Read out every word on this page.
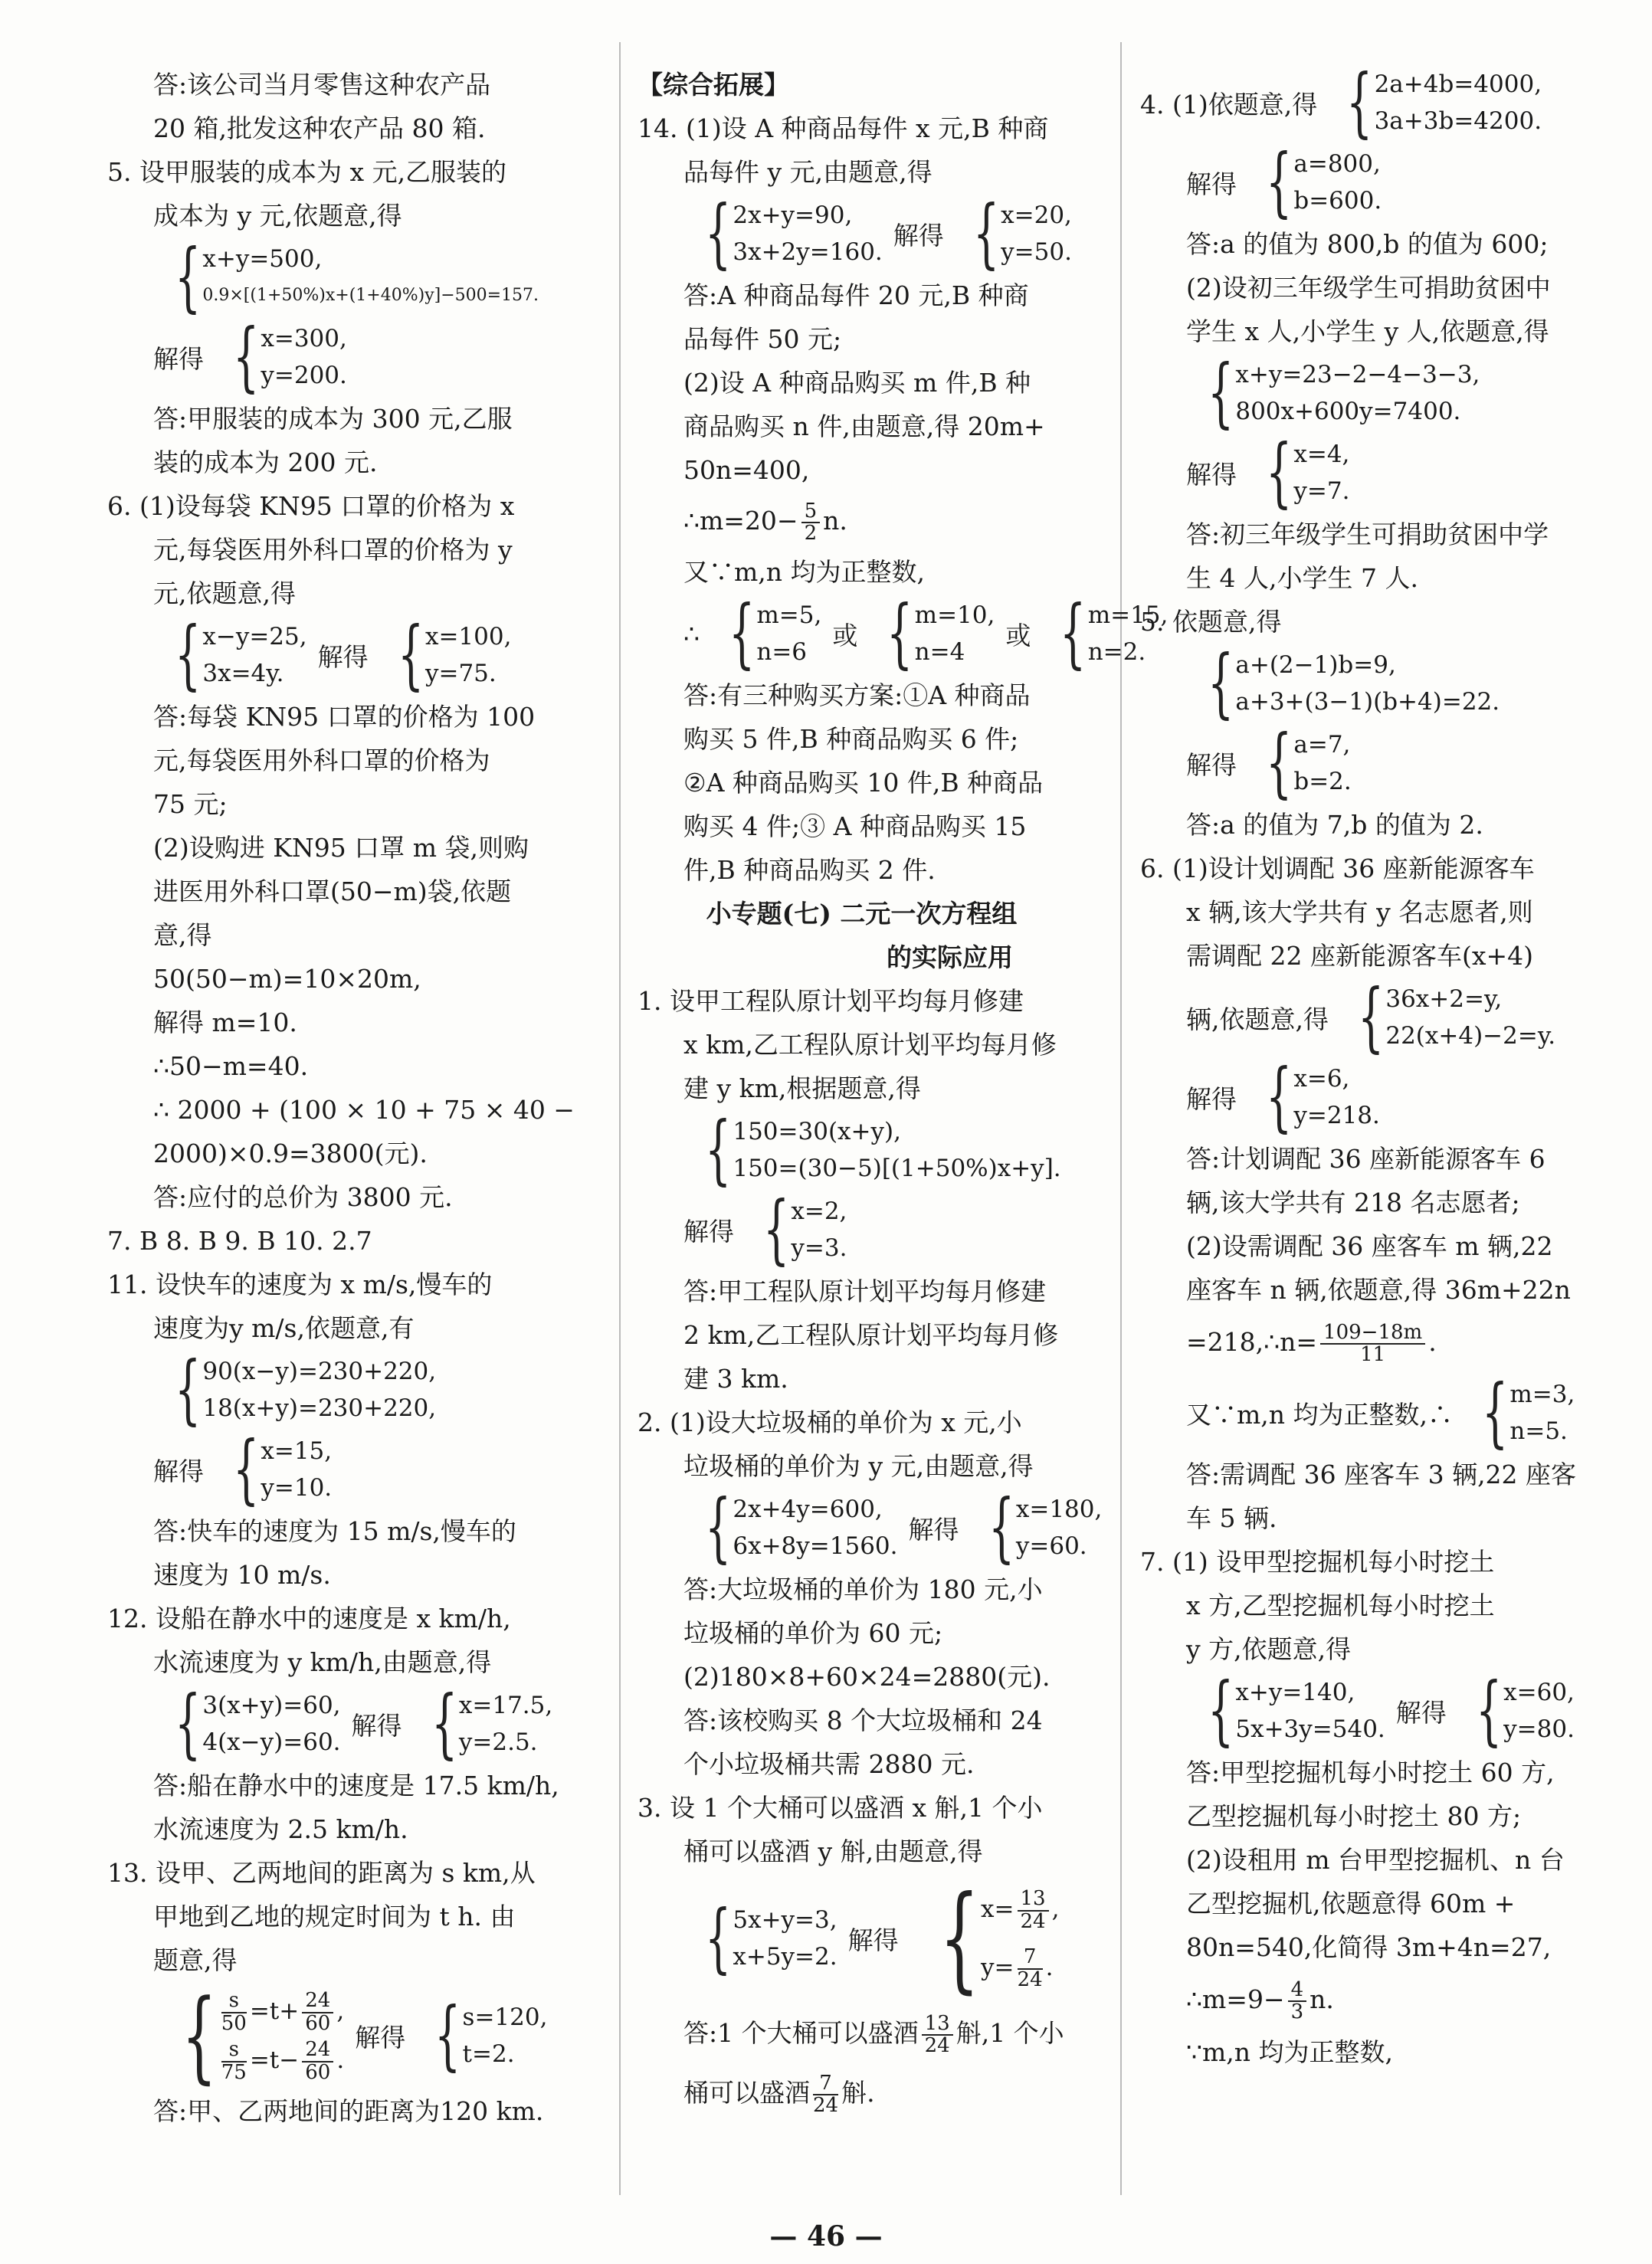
答:该公司当月零售这种农产品
20 箱,批发这种农产品 80 箱.
5. 设甲服装的成本为 x 元,乙服装的
成本为 y 元,依题意,得
{ x+y=500,
0.9×[(1+50%)x+(1+40%)y]−500=157.
解得 { x=300,
y=200.
答:甲服装的成本为 300 元,乙服
装的成本为 200 元.
6. (1)设每袋 KN95 口罩的价格为 x
元,每袋医用外科口罩的价格为 y
元,依题意,得
{ x−y=25,
3x=4y.
解得 { x=100,
y=75.
答:每袋 KN95 口罩的价格为 100
元,每袋医用外科口罩的价格为
75 元;
(2)设购进 KN95 口罩 m 袋,则购
进医用外科口罩(50−m)袋,依题
意,得
50(50−m)=10×20m,
解得 m=10.
∴50−m=40.
∴ 2000 + (100 × 10 + 75 × 40 −
2000)×0.9=3800(元).
答:应付的总价为 3800 元.
7. B 8. B 9. B 10. 2.7
11. 设快车的速度为 x m/s,慢车的
速度为y m/s,依题意,有
{ 90(x−y)=230+220,
18(x+y)=230+220,
解得 { x=15,
y=10.
答:快车的速度为 15 m/s,慢车的
速度为 10 m/s.
12. 设船在静水中的速度是 x km/h,
水流速度为 y km/h,由题意,得
{ 3(x+y)=60,
4(x−y)=60.
解得 { x=17.5,
y=2.5.
答:船在静水中的速度是 17.5 km/h,
水流速度为 2.5 km/h.
13. 设甲、乙两地间的距离为 s km,从
甲地到乙地的规定时间为 t h. 由
题意,得
{ $\frac{s}{50} =t+ \frac{24}{60}$ ,
$\frac{s}{75} =t- \frac{24}{60}$ .
解得 { s=120,
t=2.
答:甲、乙两地间的距离为120 km.
【综合拓展】
14. (1)设 A 种商品每件 x 元,B 种商
品每件 y 元,由题意,得
{ 2x+y=90,
3x+2y=160.
解得 { x=20,
y=50.
答:A 种商品每件 20 元,B 种商
品每件 50 元;
(2)设 A 种商品购买 m 件,B 种
商品购买 n 件,由题意,得 20m+
50n=400,
∴m=20− $\frac{5}{2} n$.
又∵m,n 均为正整数,
∴ { m=5,
n=6
或 { m=10,
n=4
或 { m=15,
n=2.
答:有三种购买方案:①A 种商品
购买 5 件,B 种商品购买 6 件;
②A 种商品购买 10 件,B 种商品
购买 4 件;③ A 种商品购买 15
件,B 种商品购买 2 件.
小专题(七) 二元一次方程组
的实际应用
1. 设甲工程队原计划平均每月修建
x km,乙工程队原计划平均每月修
建 y km,根据题意,得
{ 150=30(x+y),
150=(30−5)[(1+50%)x+y].
解得 { x=2,
y=3.
答:甲工程队原计划平均每月修建
2 km,乙工程队原计划平均每月修
建 3 km.
2. (1)设大垃圾桶的单价为 x 元,小
垃圾桶的单价为 y 元,由题意,得
{ 2x+4y=600,
6x+8y=1560.
解得 { x=180,
y=60.
答:大垃圾桶的单价为 180 元,小
垃圾桶的单价为 60 元;
(2)180×8+60×24=2880(元).
答:该校购买 8 个大垃圾桶和 24
个小垃圾桶共需 2880 元.
3. 设 1 个大桶可以盛酒 x 斛,1 个小
桶可以盛酒 y 斛,由题意,得
{ 5x+y=3,
x+5y=2.
解得 { $x= \frac{13}{24}$ ,
$y= \frac{7}{24}$ .
答:1 个大桶可以盛酒 $\frac{13}{24}$ 斛,1 个小
桶可以盛酒 $\frac{7}{24}$ 斛.
4. (1)依题意,得 { 2a+4b=4000,
3a+3b=4200.
解得 { a=800,
b=600.
答:a 的值为 800,b 的值为 600;
(2)设初三年级学生可捐助贫困中
学生 x 人,小学生 y 人,依题意,得
{ x+y=23−2−4−3−3,
800x+600y=7400.
解得 { x=4,
y=7.
答:初三年级学生可捐助贫困中学
生 4 人,小学生 7 人.
5. 依题意,得
{ a+(2−1)b=9,
a+3+(3−1)(b+4)=22.
解得 { a=7,
b=2.
答:a 的值为 7,b 的值为 2.
6. (1)设计划调配 36 座新能源客车
x 辆,该大学共有 y 名志愿者,则
需调配 22 座新能源客车(x+4)
辆,依题意,得 { 36x+2=y,
22(x+4)−2=y.
解得 { x=6,
y=218.
答:计划调配 36 座新能源客车 6
辆,该大学共有 218 名志愿者;
(2)设需调配 36 座客车 m 辆,22
座客车 n 辆,依题意,得 36m+22n
=218,∴n= $\frac{109-18m}{11}$ .
又∵m,n 均为正整数,∴ { m=3,
n=5.
答:需调配 36 座客车 3 辆,22 座客
车 5 辆.
7. (1) 设甲型挖掘机每小时挖土
x 方,乙型挖掘机每小时挖土
y 方,依题意,得
{ x+y=140,
5x+3y=540.
解得 { x=60,
y=80.
答:甲型挖掘机每小时挖土 60 方,
乙型挖掘机每小时挖土 80 方;
(2)设租用 m 台甲型挖掘机、n 台
乙型挖掘机,依题意得 60m +
80n=540,化简得 3m+4n=27,
∴m=9− $\frac{4}{3} n$.
∵m,n 均为正整数,
— 46 —
